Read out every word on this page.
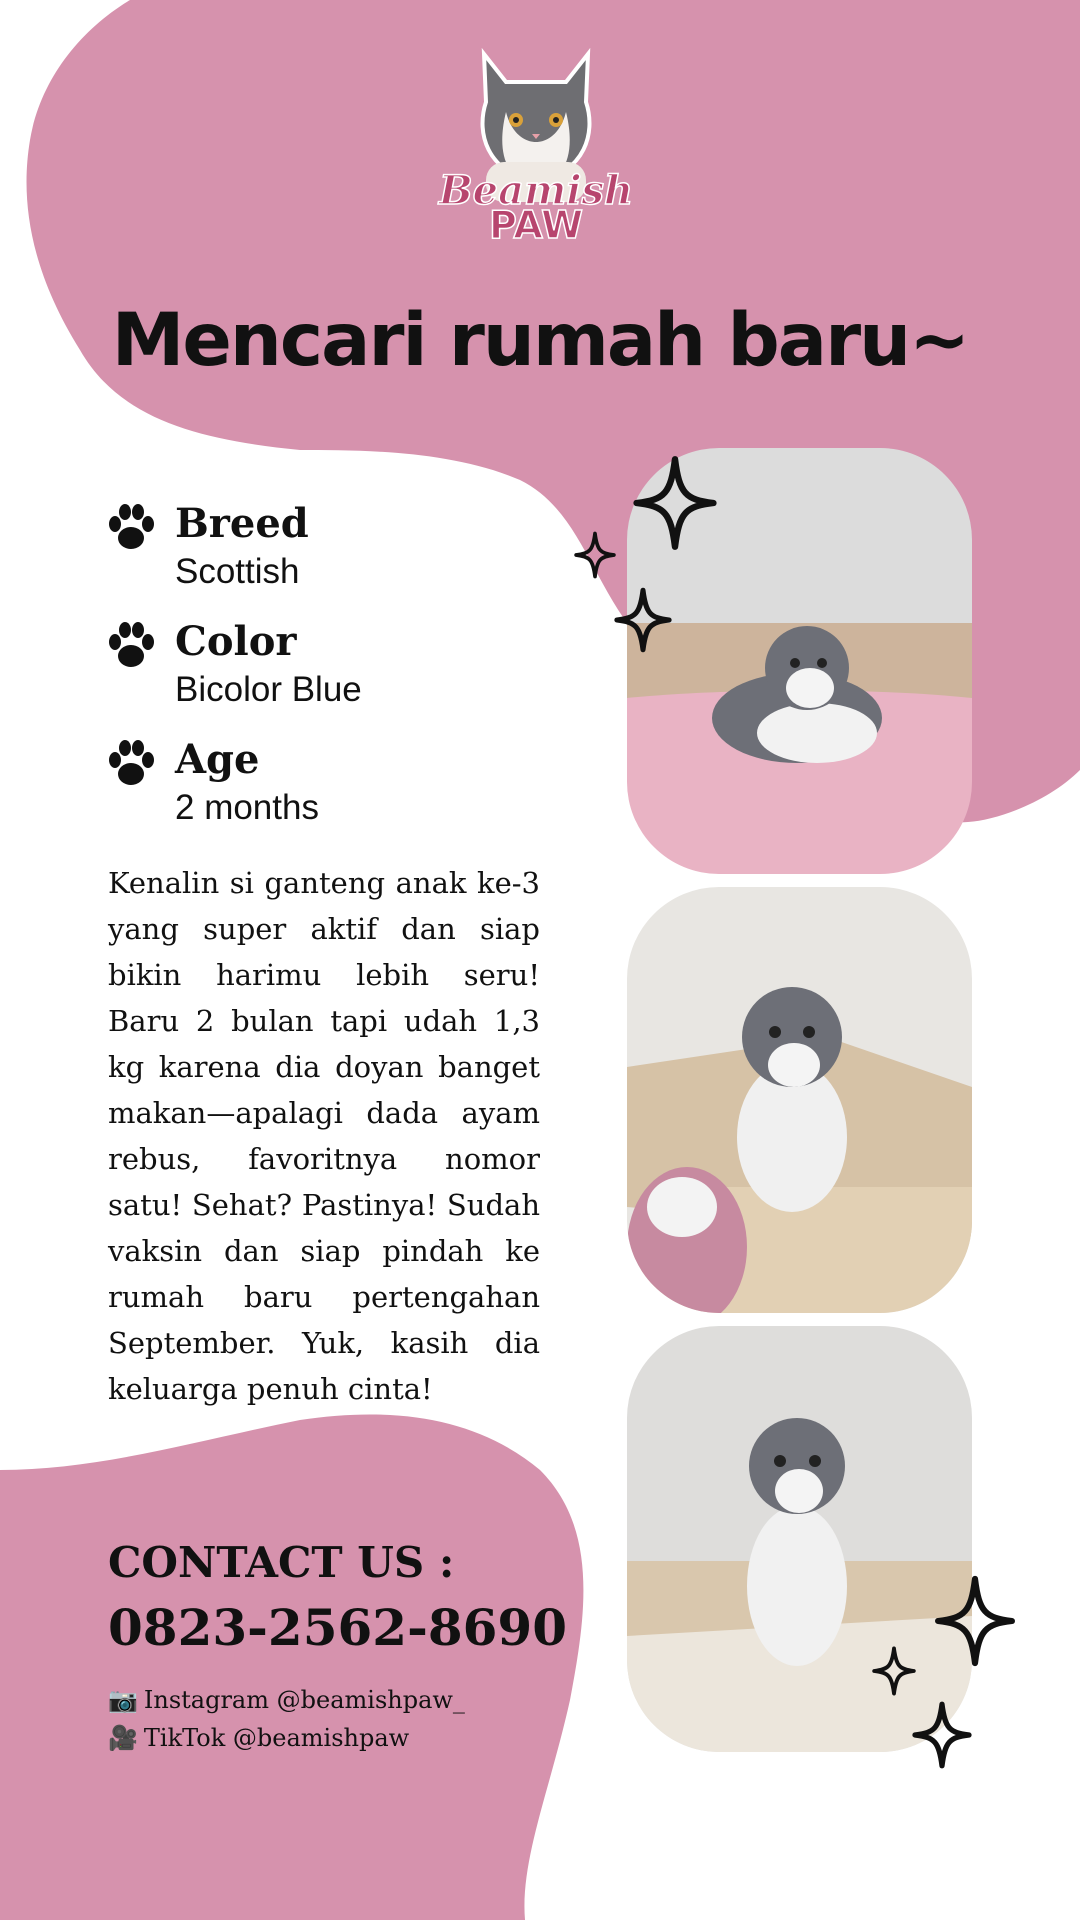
Beamish
PAW
Mencari rumah baru~
Breed
Scottish
Color
Bicolor Blue
Age
2 months
Kenalin si ganteng anak ke-3 yang super aktif dan siap bikin harimu lebih seru! Baru 2 bulan tapi udah 1,3 kg karena dia doyan banget makan—apalagi dada ayam rebus, favoritnya nomor satu! Sehat? Pastinya! Sudah vaksin dan siap pindah ke rumah baru pertengahan September. Yuk, kasih dia keluarga penuh cinta!
CONTACT US :
0823-2562-8690
📷 Instagram @beamishpaw_
🎥 TikTok @beamishpaw
